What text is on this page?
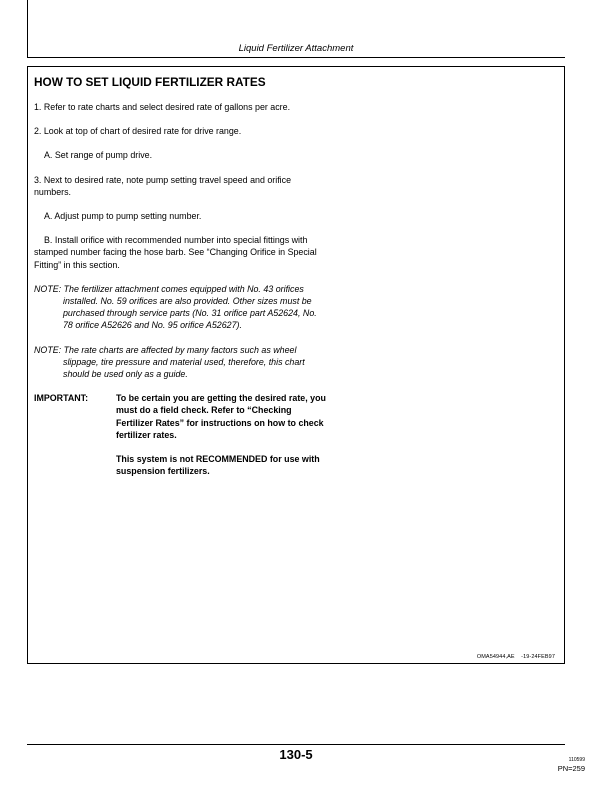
Liquid Fertilizer Attachment
HOW TO SET LIQUID FERTILIZER RATES

1. Refer to rate charts and select desired rate of gallons per acre.

2. Look at top of chart of desired rate for drive range.

A. Set range of pump drive.

3. Next to desired rate, note pump setting travel speed and orifice numbers.

A. Adjust pump to pump setting number.

B. Install orifice with recommended number into special fittings with stamped number facing the hose barb. See “Changing Orifice in Special Fitting” in this section.

NOTE: The fertilizer attachment comes equipped with No. 43 orifices installed. No. 59 orifices are also provided. Other sizes must be purchased through service parts (No. 31 orifice part A52624, No. 78 orifice A52626 and No. 95 orifice A52627).

NOTE: The rate charts are affected by many factors such as wheel slippage, tire pressure and material used, therefore, this chart should be used only as a guide.

IMPORTANT:	To be certain you are getting the desired rate, you must do a field check. Refer to “Checking Fertilizer Rates” for instructions on how to check fertilizer rates.

This system is not RECOMMENDED for use with suspension fertilizers.

OMA54944,AE    -19-24FEB97
130-5	110599
PN=259
